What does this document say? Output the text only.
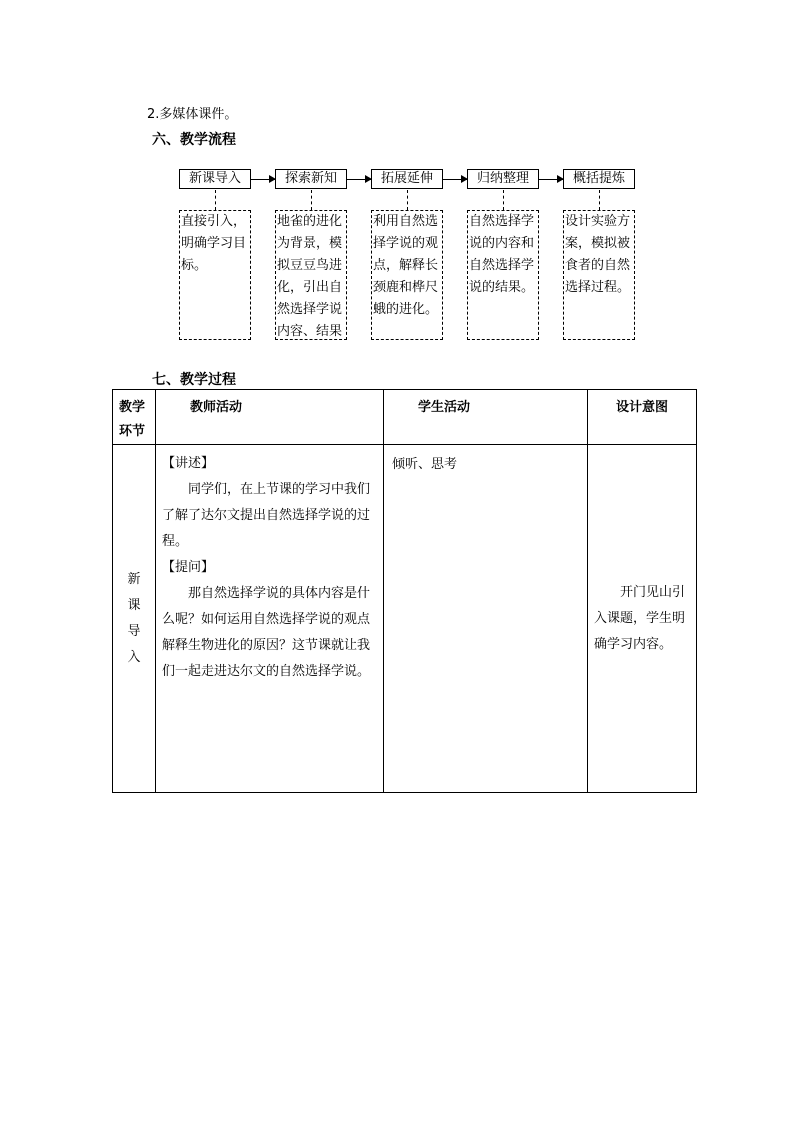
2.多媒体课件。
六、教学流程
新课导入	探索新知	拓展延伸	归纳整理	概括提炼
直接引入，明确学习目标。
地雀的进化为背景，模拟豆豆鸟进化，引出自然选择学说内容、结果
利用自然选择学说的观点，解释长颈鹿和桦尺蛾的进化。
自然选择学说的内容和自然选择学说的结果。
设计实验方案，模拟被食者的自然选择过程。
七、教学过程
教学环节	教师活动	学生活动	设计意图
新课导入	【讲述】
同学们，在上节课的学习中我们了解了达尔文提出自然选择学说的过程。
【提问】
那自然选择学说的具体内容是什么呢？如何运用自然选择学说的观点解释生物进化的原因？这节课就让我们一起走进达尔文的自然选择学说。	倾听、思考	开门见山引入课题，学生明确学习内容。
